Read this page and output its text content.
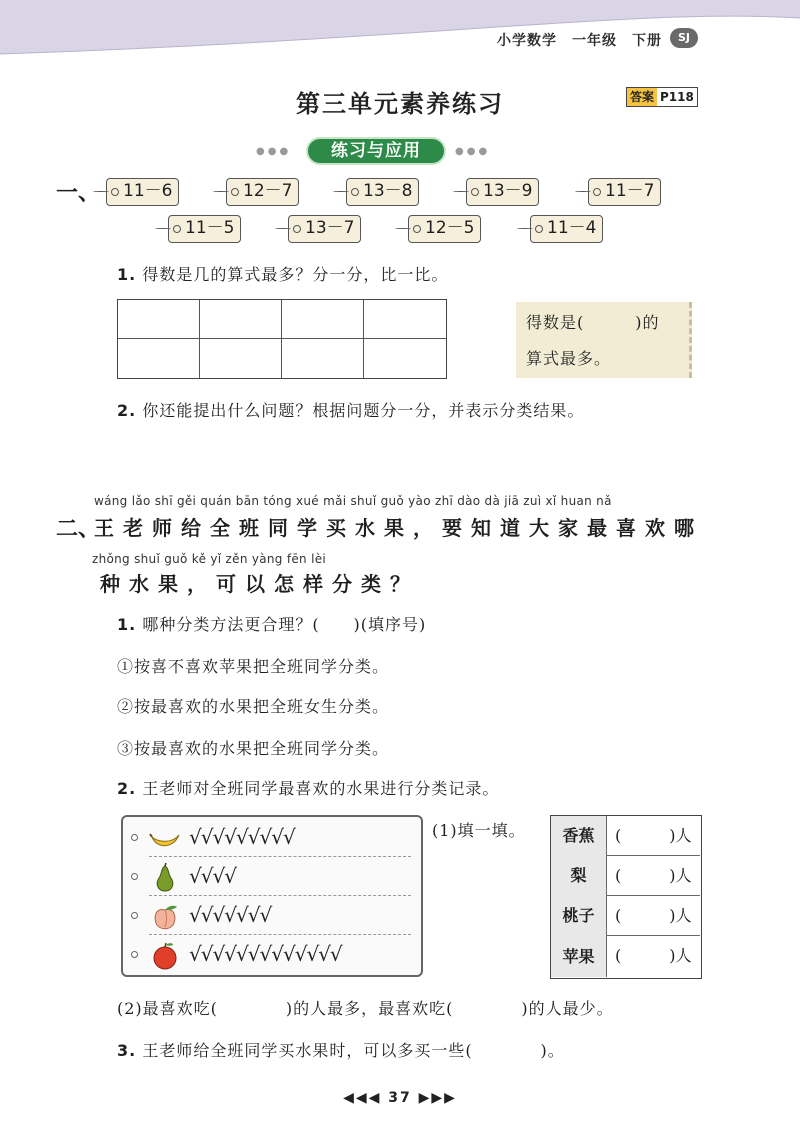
小学数学　一年级　下册	SJ
第三单元素养练习	答案 P118
●●●	练习与应用	●●●
一、	11－6	12－7	13－8	13－9	11－7
11－5	13－7	12－5	11－4
1. 得数是几的算式最多？分一分，比一比。
得数是(　　　)的
算式最多。
2. 你还能提出什么问题？根据问题分一分，并表示分类结果。
wáng lǎo shī gěi quán bān tóng xué mǎi shuǐ guǒ yào zhī dào dà jiā zuì xǐ huan nǎ
二、
王老师给全班同学买水果，要知道大家最喜欢哪
zhǒng shuǐ guǒ kě yǐ zěn yàng fēn lèi
种水果，可以怎样分类？
1. 哪种分类方法更合理？(　　)(填序号)
①按喜不喜欢苹果把全班同学分类。
②按最喜欢的水果把全班女生分类。
③按最喜欢的水果把全班同学分类。
2. 王老师对全班同学最喜欢的水果进行分类记录。
√√√√√√√√√
√√√√
√√√√√√√
√√√√√√√√√√√√√
(1)填一填。	香蕉	(　　　)人
梨	(　　　)人
桃子	(　　　)人
苹果	(　　　)人
(2)最喜欢吃(　　　　)的人最多，最喜欢吃(　　　　)的人最少。
3. 王老师给全班同学买水果时，可以多买一些(　　　　)。
◀◀◀ 37 ▶▶▶
